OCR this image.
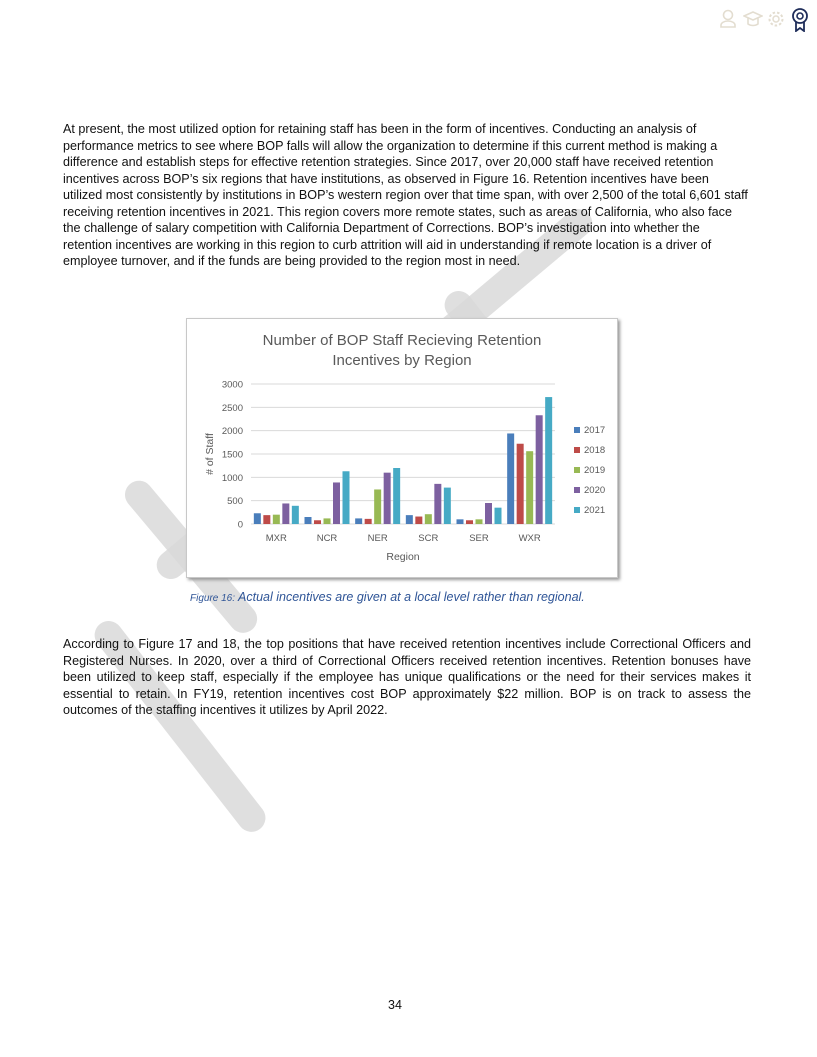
At present, the most utilized option for retaining staff has been in the form of incentives. Conducting an analysis of performance metrics to see where BOP falls will allow the organization to determine if this current method is making a difference and establish steps for effective retention strategies. Since 2017, over 20,000 staff have received retention incentives across BOP’s six regions that have institutions, as observed in Figure 16. Retention incentives have been utilized most consistently by institutions in BOP’s western region over that time span, with over 2,500 of the total 6,601 staff receiving retention incentives in 2021. This region covers more remote states, such as areas of California, who also face the challenge of salary competition with California Department of Corrections. BOP’s investigation into whether the retention incentives are working in this region to curb attrition will aid in understanding if remote location is a driver of employee turnover, and if the funds are being provided to the region most in need.

Number of BOP Staff Recieving Retention
Incentives by Region
0
500
1000
1500
2000
2500
3000
MXR	NCR	NER	SCR	SER	WXR
Region
# of Staff
2017
2018
2019
2020
2021
Figure 16: Actual incentives are given at a local level rather than regional.

According to Figure 17 and 18, the top positions that have received retention incentives include Correctional Officers and Registered Nurses. In 2020, over a third of Correctional Officers received retention incentives. Retention bonuses have been utilized to keep staff, especially if the employee has unique qualifications or the need for their services makes it essential to retain. In FY19, retention incentives cost BOP approximately $22 million. BOP is on track to assess the outcomes of the staffing incentives it utilizes by April 2022.

34
